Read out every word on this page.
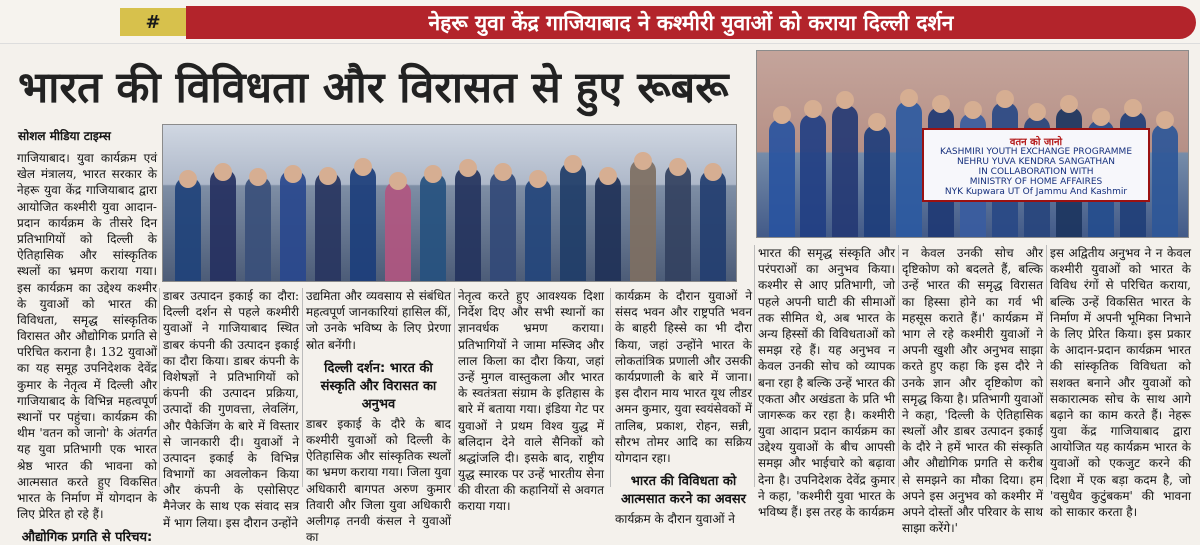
#	नेहरू युवा केंद्र गाजियाबाद ने कश्मीरी युवाओं को कराया दिल्ली दर्शन
भारत की विविधता और विरासत से हुए रूबरू
वतन को जानो
KASHMIRI YOUTH EXCHANGE PROGRAMME
NEHRU YUVA KENDRA SANGATHAN
IN COLLABORATION WITH
MINISTRY OF HOME AFFAIRES
NYK Kupwara UT Of Jammu And Kashmir
सोशल मीडिया टाइम्स

गाजियाबाद। युवा कार्यक्रम एवं खेल मंत्रालय, भारत सरकार के नेहरू युवा केंद्र गाजियाबाद द्वारा आयोजित कश्मीरी युवा आदान-प्रदान कार्यक्रम के तीसरे दिन प्रतिभागियों को दिल्ली के ऐतिहासिक और सांस्कृतिक स्थलों का भ्रमण कराया गया। इस कार्यक्रम का उद्देश्य कश्मीर के युवाओं को भारत की विविधता, समृद्ध सांस्कृतिक विरासत और औद्योगिक प्रगति से परिचित कराना है। 132 युवाओं का यह समूह उपनिदेशक देवेंद्र कुमार के नेतृत्व में दिल्ली और गाजियाबाद के विभिन्न महत्वपूर्ण स्थानों पर पहुंचा। कार्यक्रम की थीम 'वतन को जानो' के अंतर्गत यह युवा प्रतिभागी एक भारत श्रेष्ठ भारत की भावना को आत्मसात करते हुए विकसित भारत के निर्माण में योगदान के लिए प्रेरित हो रहे हैं।

औद्योगिक प्रगति से परिचय:

डाबर उत्पादन इकाई का दौरा: दिल्ली दर्शन से पहले कश्मीरी युवाओं ने गाजियाबाद स्थित डाबर कंपनी की उत्पादन इकाई का दौरा किया। डाबर कंपनी के विशेषज्ञों ने प्रतिभागियों को कंपनी की उत्पादन प्रक्रिया, उत्पादों की गुणवत्ता, लेवलिंग, और पैकेजिंग के बारे में विस्तार से जानकारी दी। युवाओं ने उत्पादन इकाई के विभिन्न विभागों का अवलोकन किया और कंपनी के एसोसिएट मैनेजर के साथ एक संवाद सत्र में भाग लिया। इस दौरान उन्होंने

उद्यमिता और व्यवसाय से संबंधित महत्वपूर्ण जानकारियां हासिल कीं, जो उनके भविष्य के लिए प्रेरणा स्रोत बनेंगी।

दिल्ली दर्शन: भारत की संस्कृति और विरासत का अनुभव

डाबर इकाई के दौरे के बाद कश्मीरी युवाओं को दिल्ली के ऐतिहासिक और सांस्कृतिक स्थलों का भ्रमण कराया गया। जिला युवा अधिकारी बागपत अरुण कुमार तिवारी और जिला युवा अधिकारी अलीगढ़ तनवी कंसल ने युवाओं का

नेतृत्व करते हुए आवश्यक दिशा निर्देश दिए और सभी स्थानों का ज्ञानवर्धक भ्रमण कराया। प्रतिभागियों ने जामा मस्जिद और लाल किला का दौरा किया, जहां उन्हें मुगल वास्तुकला और भारत के स्वतंत्रता संग्राम के इतिहास के बारे में बताया गया। इंडिया गेट पर युवाओं ने प्रथम विश्व युद्ध में बलिदान देने वाले सैनिकों को श्रद्धांजलि दी। इसके बाद, राष्ट्रीय युद्ध स्मारक पर उन्हें भारतीय सेना की वीरता की कहानियों से अवगत कराया गया।

कार्यक्रम के दौरान युवाओं ने संसद भवन और राष्ट्रपति भवन के बाहरी हिस्से का भी दौरा किया, जहां उन्होंने भारत के लोकतांत्रिक प्रणाली और उसकी कार्यप्रणाली के बारे में जाना। इस दौरान माय भारत यूथ लीडर अमन कुमार, युवा स्वयंसेवकों में तालिब, प्रकाश, रोहन, सन्नी, सौरभ तोमर आदि का सक्रिय योगदान रहा।

भारत की विविधता को आत्मसात करने का अवसर

कार्यक्रम के दौरान युवाओं ने

भारत की समृद्ध संस्कृति और परंपराओं का अनुभव किया। कश्मीर से आए प्रतिभागी, जो पहले अपनी घाटी की सीमाओं तक सीमित थे, अब भारत के अन्य हिस्सों की विविधताओं को समझ रहे हैं। यह अनुभव न केवल उनकी सोच को व्यापक बना रहा है बल्कि उन्हें भारत की एकता और अखंडता के प्रति भी जागरूक कर रहा है। कश्मीरी युवा आदान प्रदान कार्यक्रम का उद्देश्य युवाओं के बीच आपसी समझ और भाईचारे को बढ़ावा देना है। उपनिदेशक देवेंद्र कुमार ने कहा, 'कश्मीरी युवा भारत के भविष्य हैं। इस तरह के कार्यक्रम

न केवल उनकी सोच और दृष्टिकोण को बदलते हैं, बल्कि उन्हें भारत की समृद्ध विरासत का हिस्सा होने का गर्व भी महसूस कराते हैं।' कार्यक्रम में भाग ले रहे कश्मीरी युवाओं ने अपनी खुशी और अनुभव साझा करते हुए कहा कि इस दौरे ने उनके ज्ञान और दृष्टिकोण को समृद्ध किया है। प्रतिभागी युवाओं ने कहा, 'दिल्ली के ऐतिहासिक स्थलों और डाबर उत्पादन इकाई के दौरे ने हमें भारत की संस्कृति और औद्योगिक प्रगति से करीब से समझने का मौका दिया। हम अपने इस अनुभव को कश्मीर में अपने दोस्तों और परिवार के साथ साझा करेंगे।'

इस अद्वितीय अनुभव ने न केवल कश्मीरी युवाओं को भारत के विविध रंगों से परिचित कराया, बल्कि उन्हें विकसित भारत के निर्माण में अपनी भूमिका निभाने के लिए प्रेरित किया। इस प्रकार के आदान-प्रदान कार्यक्रम भारत की सांस्कृतिक विविधता को सशक्त बनाने और युवाओं को सकारात्मक सोच के साथ आगे बढ़ाने का काम करते हैं। नेहरू युवा केंद्र गाजियाबाद द्वारा आयोजित यह कार्यक्रम भारत के युवाओं को एकजुट करने की दिशा में एक बड़ा कदम है, जो 'वसुधैव कुटुंबकम' की भावना को साकार करता है।
